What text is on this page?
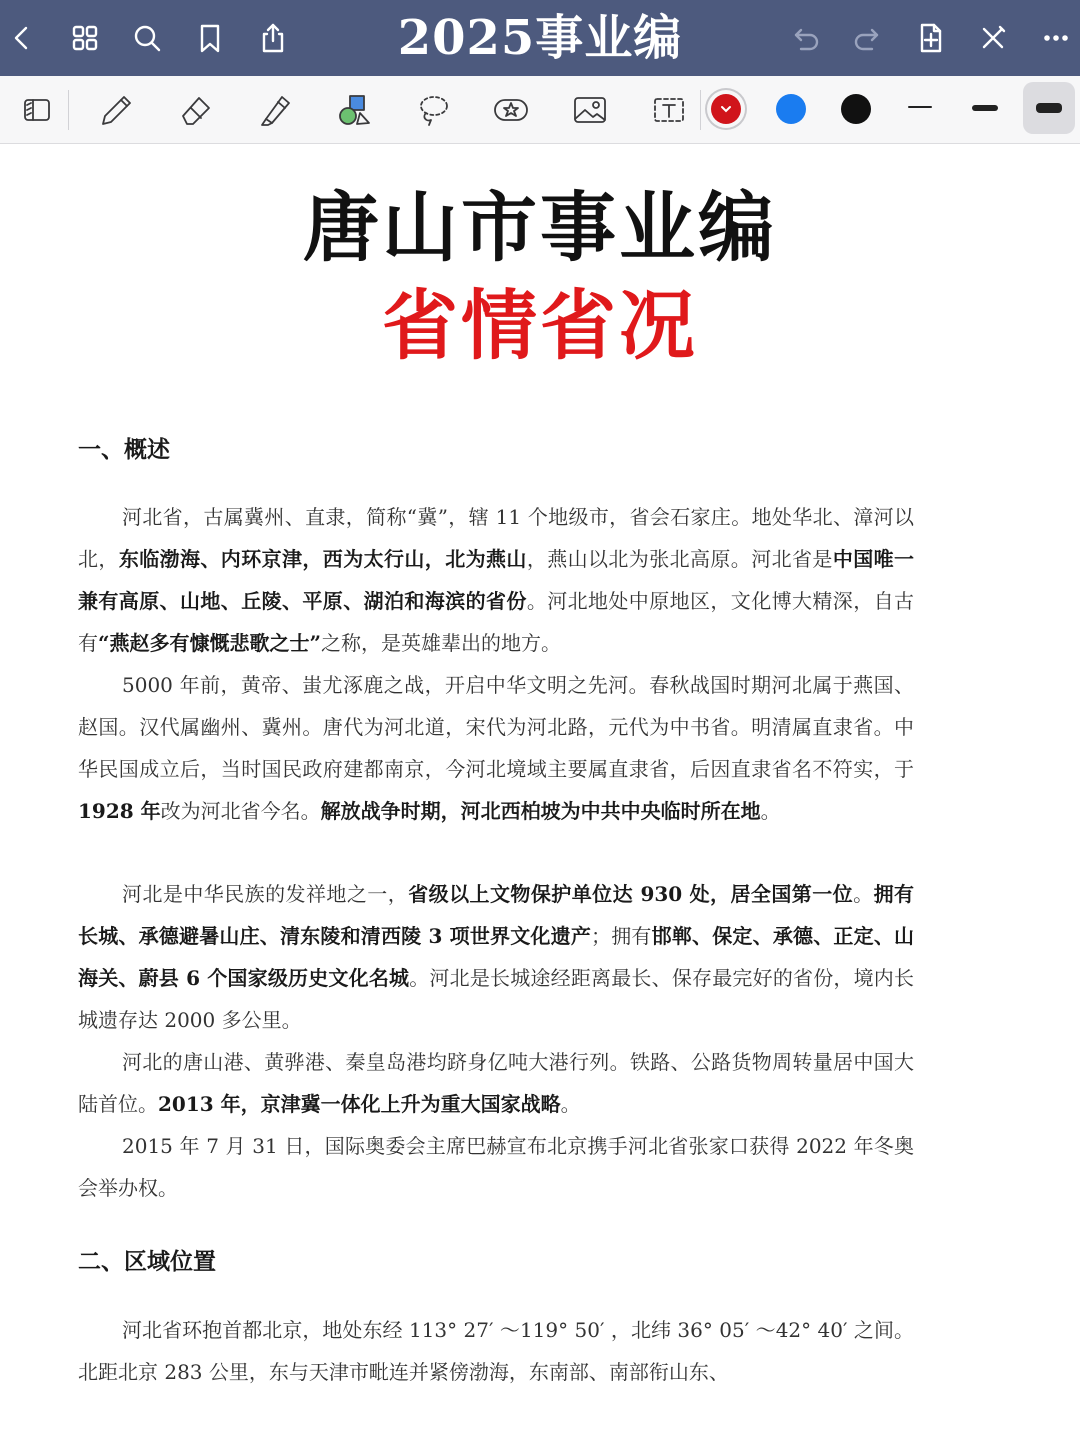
2025事业编
唐山市事业编
省情省况
一、概述
河北省，古属冀州、直隶，简称“冀”，辖 11 个地级市，省会石家庄。地处华北、漳河以北，东临渤海、内环京津，西为太行山，北为燕山，燕山以北为张北高原。河北省是中国唯一兼有高原、山地、丘陵、平原、湖泊和海滨的省份。河北地处中原地区，文化博大精深，自古有“燕赵多有慷慨悲歌之士”之称，是英雄辈出的地方。
5000 年前，黄帝、蚩尤涿鹿之战，开启中华文明之先河。春秋战国时期河北属于燕国、赵国。汉代属幽州、冀州。唐代为河北道，宋代为河北路，元代为中书省。明清属直隶省。中华民国成立后，当时国民政府建都南京，今河北境域主要属直隶省，后因直隶省名不符实，于 1928 年改为河北省今名。解放战争时期，河北西柏坡为中共中央临时所在地。
河北是中华民族的发祥地之一，省级以上文物保护单位达 930 处，居全国第一位。拥有长城、承德避暑山庄、清东陵和清西陵 3 项世界文化遗产；拥有邯郸、保定、承德、正定、山海关、蔚县 6 个国家级历史文化名城。河北是长城途经距离最长、保存最完好的省份，境内长城遗存达 2000 多公里。
河北的唐山港、黄骅港、秦皇岛港均跻身亿吨大港行列。铁路、公路货物周转量居中国大陆首位。2013 年，京津冀一体化上升为重大国家战略。
2015 年 7 月 31 日，国际奥委会主席巴赫宣布北京携手河北省张家口获得 2022 年冬奥会举办权。
二、区域位置
河北省环抱首都北京，地处东经 113° 27′ ～119° 50′ ，北纬 36° 05′ ～42° 40′ 之间。北距北京 283 公里，东与天津市毗连并紧傍渤海，东南部、南部衔山东、
